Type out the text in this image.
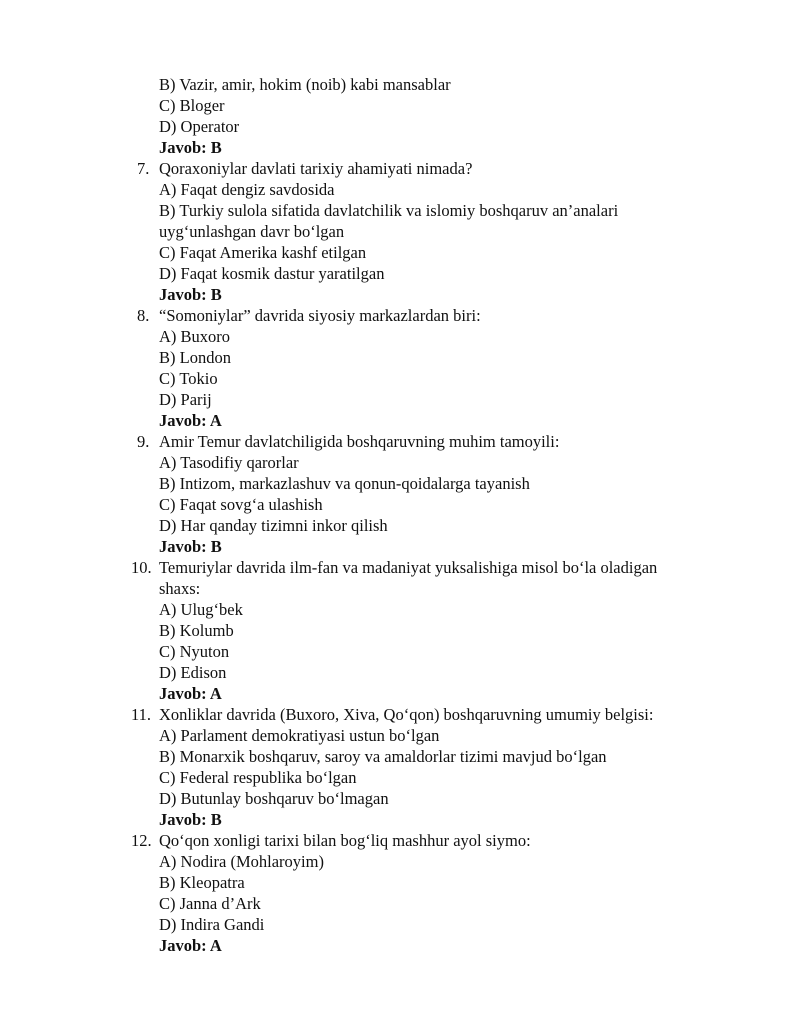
B) Vazir, amir, hokim (noib) kabi mansablar
C) Bloger
D) Operator
Javob: B
7. Qoraxoniylar davlati tarixiy ahamiyati nimada?
A) Faqat dengiz savdosida
B) Turkiy sulola sifatida davlatchilik va islomiy boshqaruv an’analari
uyg‘unlashgan davr bo‘lgan
C) Faqat Amerika kashf etilgan
D) Faqat kosmik dastur yaratilgan
Javob: B
8. “Somoniylar” davrida siyosiy markazlardan biri:
A) Buxoro
B) London
C) Tokio
D) Parij
Javob: A
9. Amir Temur davlatchiligida boshqaruvning muhim tamoyili:
A) Tasodifiy qarorlar
B) Intizom, markazlashuv va qonun-qoidalarga tayanish
C) Faqat sovg‘a ulashish
D) Har qanday tizimni inkor qilish
Javob: B
10. Temuriylar davrida ilm-fan va madaniyat yuksalishiga misol bo‘la oladigan
shaxs:
A) Ulug‘bek
B) Kolumb
C) Nyuton
D) Edison
Javob: A
11. Xonliklar davrida (Buxoro, Xiva, Qo‘qon) boshqaruvning umumiy belgisi:
A) Parlament demokratiyasi ustun bo‘lgan
B) Monarxik boshqaruv, saroy va amaldorlar tizimi mavjud bo‘lgan
C) Federal respublika bo‘lgan
D) Butunlay boshqaruv bo‘lmagan
Javob: B
12. Qo‘qon xonligi tarixi bilan bog‘liq mashhur ayol siymo:
A) Nodira (Mohlaroyim)
B) Kleopatra
C) Janna d’Ark
D) Indira Gandi
Javob: A
